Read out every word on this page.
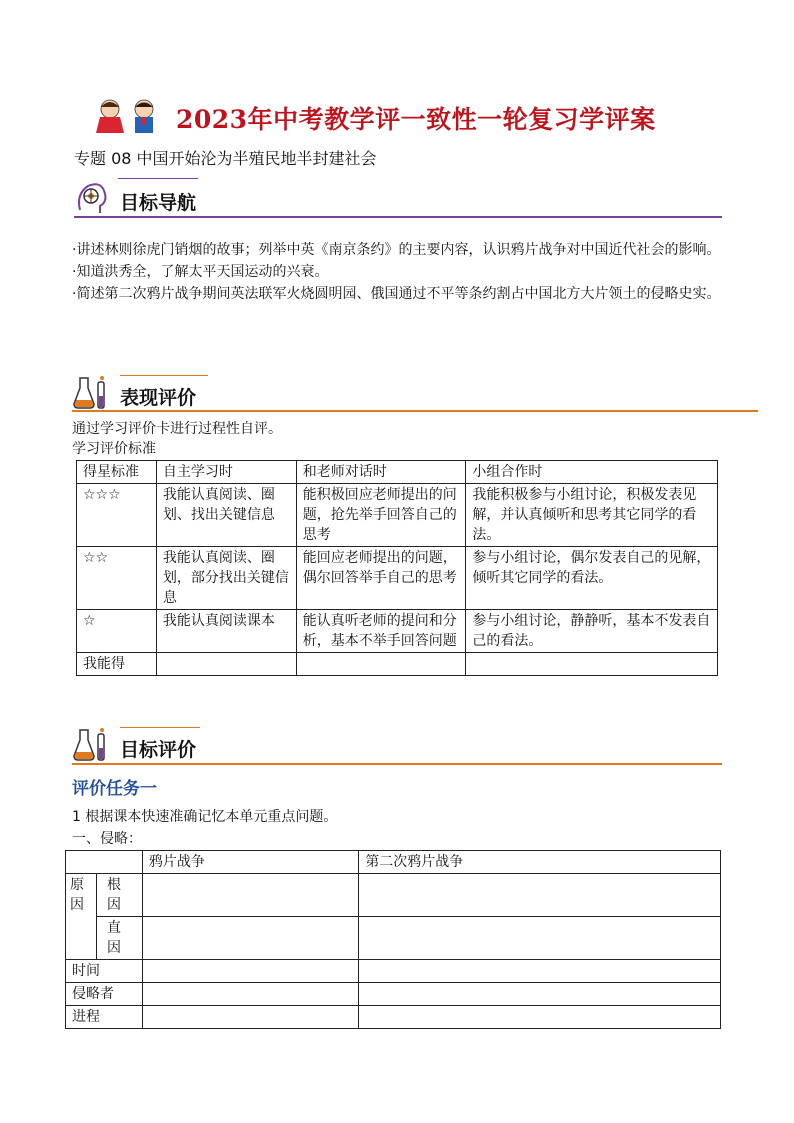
2023年中考教学评一致性一轮复习学评案
专题 08 中国开始沦为半殖民地半封建社会
目标导航

·讲述林则徐虎门销烟的故事；列举中英《南京条约》的主要内容，认识鸦片战争对中国近代社会的影响。

·知道洪秀全，了解太平天国运动的兴衰。

·简述第二次鸦片战争期间英法联军火烧圆明园、俄国通过不平等条约割占中国北方大片领土的侵略史实。

表现评价
通过学习评价卡进行过程性自评。
学习评价标准
得星标准	自主学习时	和老师对话时	小组合作时
☆☆☆	我能认真阅读、圈划、找出关键信息	能积极回应老师提出的问题，抢先举手回答自己的思考	我能积极参与小组讨论，积极发表见解，并认真倾听和思考其它同学的看法。
☆☆	我能认真阅读、圈划，部分找出关键信息	能回应老师提出的问题，偶尔回答举手自己的思考	参与小组讨论，偶尔发表自己的见解，倾听其它同学的看法。
☆	我能认真阅读课本	能认真听老师的提问和分析，基本不举手回答问题	参与小组讨论，静静听，基本不发表自己的看法。
我能得			
目标评价
评价任务一
1 根据课本快速准确记忆本单元重点问题。
一、侵略：
		鸦片战争	第二次鸦片战争
原因	根因		
	直因		
时间			
侵略者			
进程			
